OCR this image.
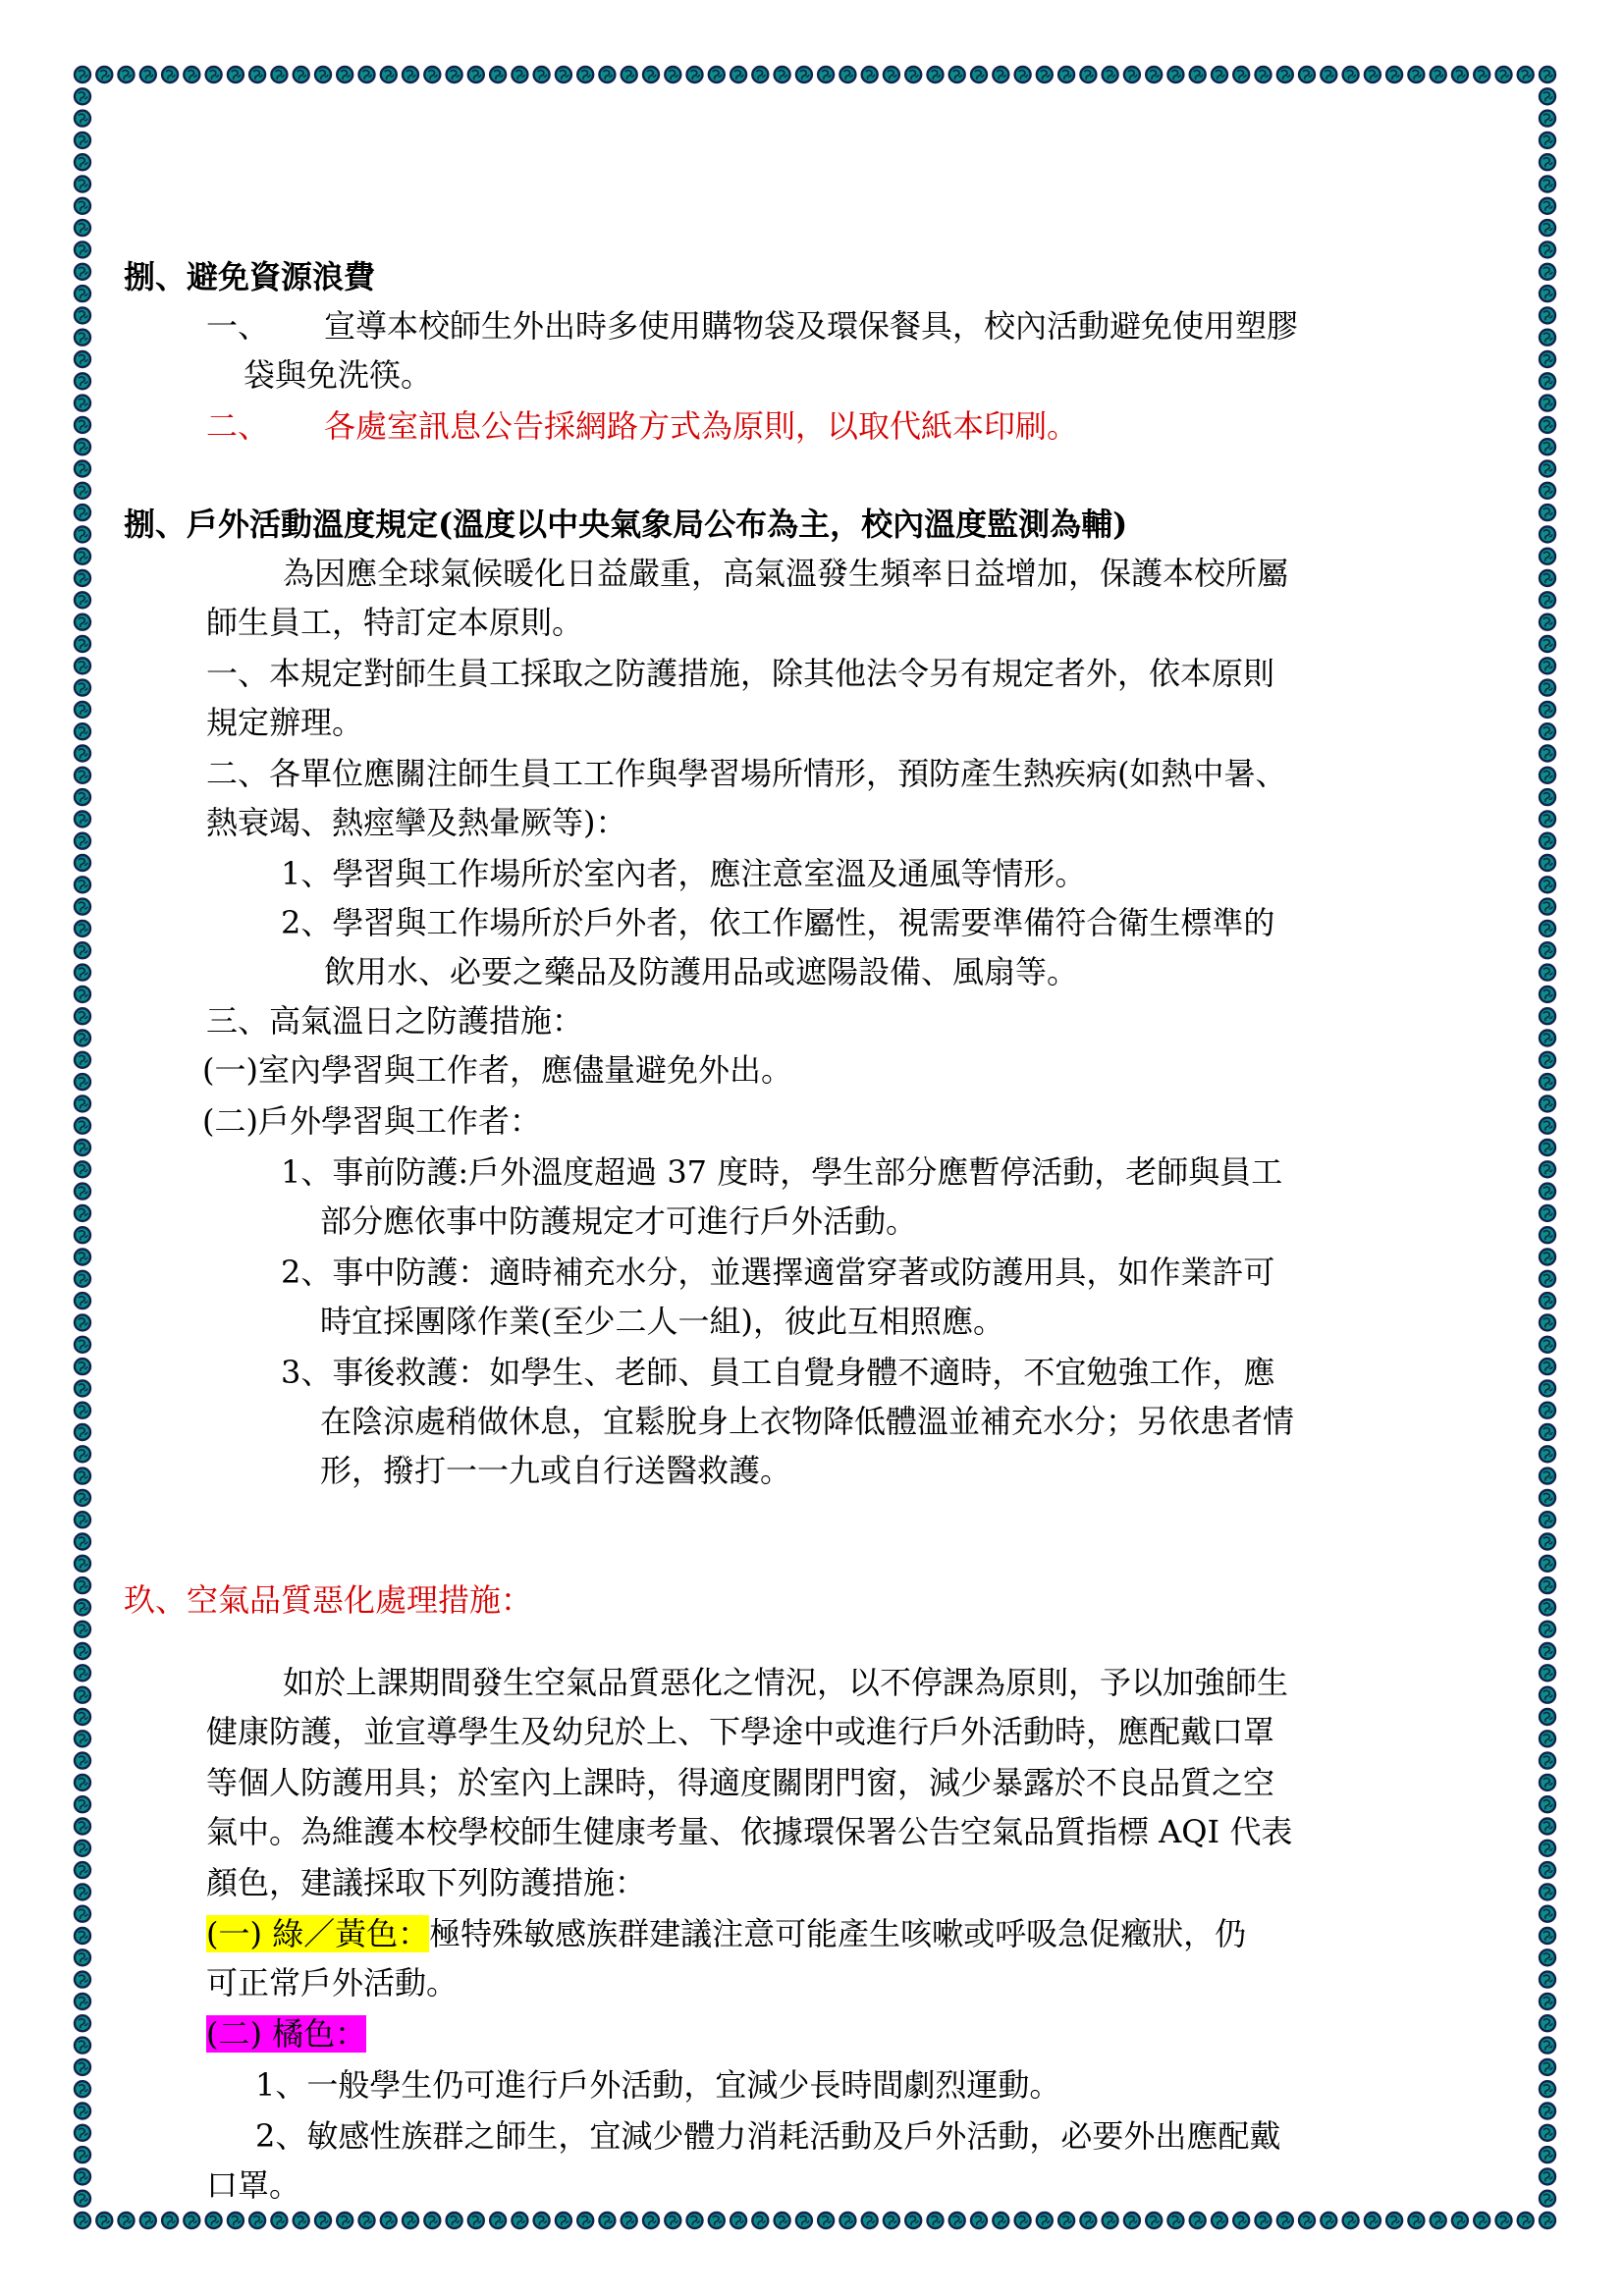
捌、避免資源浪費
一、 宣導本校師生外出時多使用購物袋及環保餐具，校內活動避免使用塑膠
袋與免洗筷。
二、 各處室訊息公告採網路方式為原則，以取代紙本印刷。
捌、戶外活動溫度規定(溫度以中央氣象局公布為主，校內溫度監測為輔)
為因應全球氣候暖化日益嚴重，高氣溫發生頻率日益增加，保護本校所屬
師生員工，特訂定本原則。
一、本規定對師生員工採取之防護措施，除其他法令另有規定者外，依本原則
規定辦理。
二、各單位應關注師生員工工作與學習場所情形，預防產生熱疾病(如熱中暑、
熱衰竭、熱痙攣及熱暈厥等)：
1、學習與工作場所於室內者，應注意室溫及通風等情形。
2、學習與工作場所於戶外者，依工作屬性，視需要準備符合衛生標準的
飲用水、必要之藥品及防護用品或遮陽設備、風扇等。
三、高氣溫日之防護措施：
(一)室內學習與工作者，應儘量避免外出。
(二)戶外學習與工作者：
1、事前防護:戶外溫度超過 37 度時，學生部分應暫停活動，老師與員工
部分應依事中防護規定才可進行戶外活動。
2、事中防護：適時補充水分，並選擇適當穿著或防護用具，如作業許可
時宜採團隊作業(至少二人一組)，彼此互相照應。
3、事後救護：如學生、老師、員工自覺身體不適時，不宜勉強工作，應
在陰涼處稍做休息，宜鬆脫身上衣物降低體溫並補充水分；另依患者情
形，撥打一一九或自行送醫救護。
玖、空氣品質惡化處理措施：
如於上課期間發生空氣品質惡化之情況，以不停課為原則，予以加強師生
健康防護，並宣導學生及幼兒於上、下學途中或進行戶外活動時，應配戴口罩
等個人防護用具；於室內上課時，得適度關閉門窗，減少暴露於不良品質之空
氣中。為維護本校學校師生健康考量、依據環保署公告空氣品質指標 AQI 代表
顏色，建議採取下列防護措施：
(一) 綠／黃色：極特殊敏感族群建議注意可能產生咳嗽或呼吸急促癥狀，仍
可正常戶外活動。
(二) 橘色：
1、一般學生仍可進行戶外活動，宜減少長時間劇烈運動。
2、敏感性族群之師生，宜減少體力消耗活動及戶外活動，必要外出應配戴
口罩。
